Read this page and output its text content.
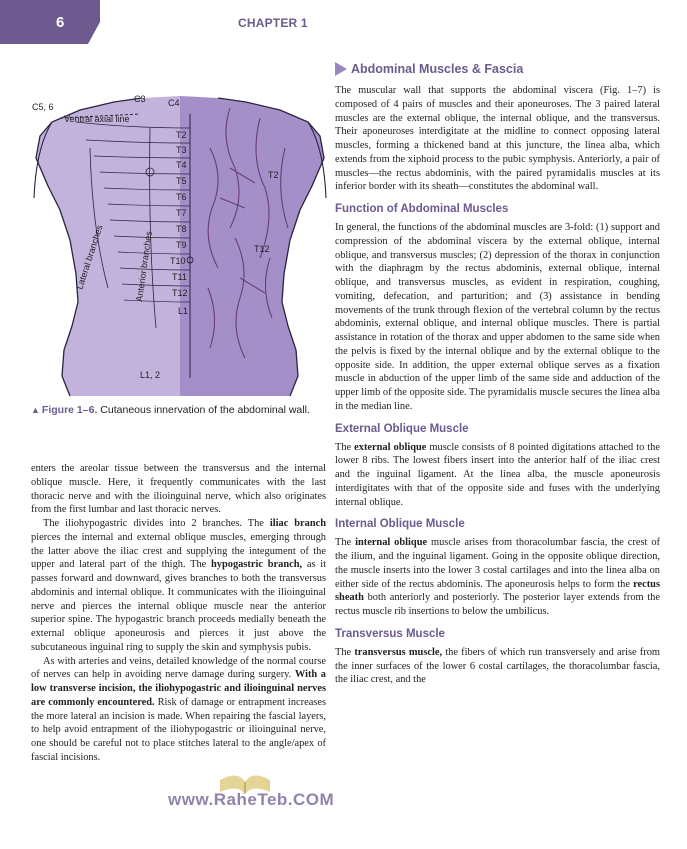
6	CHAPTER 1
C5, 6
C3 C4
Ventral axial line
T2
T3
T4
T5
T6
T7
T8
T9
T10
T11
T12
L1
T2
T12
L1, 2
Lateral branches	Anterior branches
▲ Figure 1–6. Cutaneous innervation of the abdominal wall.

enters the areolar tissue between the transversus and the internal oblique muscle. Here, it frequently communicates with the last thoracic nerve and with the ilioinguinal nerve, which also originates from the first lumbar and last thoracic nerves.

The iliohypogastric divides into 2 branches. The iliac branch pierces the internal and external oblique muscles, emerging through the latter above the iliac crest and supplying the integument of the upper and lateral part of the thigh. The hypogastric branch, as it passes forward and downward, gives branches to both the transversus abdominis and internal oblique. It communicates with the ilioinguinal nerve and pierces the internal oblique muscle near the anterior superior spine. The hypogastric branch proceeds medially beneath the external oblique aponeurosis and pierces it just above the subcutaneous inguinal ring to supply the skin and symphysis pubis.

As with arteries and veins, detailed knowledge of the normal course of nerves can help in avoiding nerve damage during surgery. With a low transverse incision, the iliohypogastric and ilioinguinal nerves are commonly encountered. Risk of damage or entrapment increases the more lateral an incision is made. When repairing the fascial layers, to help avoid entrapment of the iliohypogastric or ilioinguinal nerve, one should be careful not to place stitches lateral to the angle/apex of fascial incisions.

Abdominal Muscles & Fascia

The muscular wall that supports the abdominal viscera (Fig. 1–7) is composed of 4 pairs of muscles and their aponeuroses. The 3 paired lateral muscles are the external oblique, the internal oblique, and the transversus. Their aponeuroses interdigitate at the midline to connect opposing lateral muscles, forming a thickened band at this juncture, the linea alba, which extends from the xiphoid process to the pubic symphysis. Anteriorly, a pair of muscles—the rectus abdominis, with the paired pyramidalis muscles at its inferior border with its sheath—constitutes the abdominal wall.

Function of Abdominal Muscles

In general, the functions of the abdominal muscles are 3-fold: (1) support and compression of the abdominal viscera by the external oblique, internal oblique, and transversus muscles; (2) depression of the thorax in conjunction with the diaphragm by the rectus abdominis, external oblique, internal oblique, and transversus muscles, as evident in respiration, coughing, vomiting, defecation, and parturition; and (3) assistance in bending movements of the trunk through flexion of the vertebral column by the rectus abdominis, external oblique, and internal oblique muscles. There is partial assistance in rotation of the thorax and upper abdomen to the same side when the pelvis is fixed by the internal oblique and by the external oblique to the opposite side. In addition, the upper external oblique serves as a fixation muscle in abduction of the upper limb of the same side and adduction of the upper limb of the opposite side. The pyramidalis muscle secures the linea alba in the median line.

External Oblique Muscle

The external oblique muscle consists of 8 pointed digitations attached to the lower 8 ribs. The lowest fibers insert into the anterior half of the iliac crest and the inguinal ligament. At the linea alba, the muscle aponeurosis interdigitates with that of the opposite side and fuses with the underlying internal oblique.

Internal Oblique Muscle

The internal oblique muscle arises from thoracolumbar fascia, the crest of the ilium, and the inguinal ligament. Going in the opposite oblique direction, the muscle inserts into the lower 3 costal cartilages and into the linea alba on either side of the rectus abdominis. The aponeurosis helps to form the rectus sheath both anteriorly and posteriorly. The posterior layer extends from the rectus muscle rib insertions to below the umbilicus.

Transversus Muscle

The transversus muscle, the fibers of which run transversely and arise from the inner surfaces of the lower 6 costal cartilages, the thoracolumbar fascia, the iliac crest, and the

www.RaheTeb.COM
